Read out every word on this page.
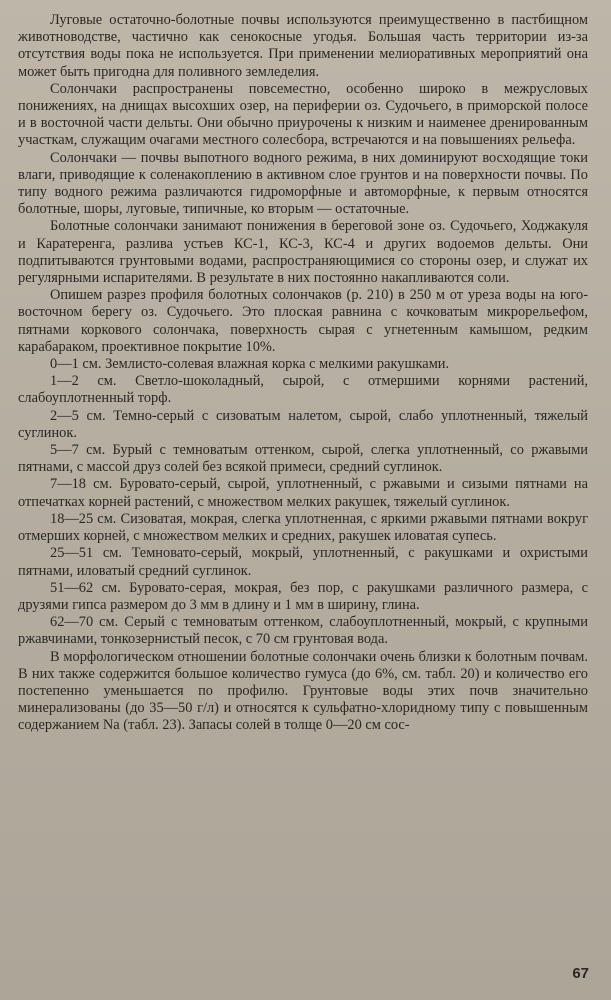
Луговые остаточно-болотные почвы используются преимущественно в пастбищном животноводстве, частично как сенокосные угодья. Большая часть территории из-за отсутствия воды пока не используется. При применении мелиоративных мероприятий она может быть пригодна для поливного земледелия.

Солончаки распространены повсеместно, особенно широко в межрусловых понижениях, на днищах высохших озер, на периферии оз. Судочьего, в приморской полосе и в восточной части дельты. Они обычно приурочены к низким и наименее дренированным участкам, служащим очагами местного солесбора, встречаются и на повышениях рельефа.

Солончаки — почвы выпотного водного режима, в них доминируют восходящие токи влаги, приводящие к соленакоплению в активном слое грунтов и на поверхности почвы. По типу водного режима различаются гидроморфные и автоморфные, к первым относятся болотные, шоры, луговые, типичные, ко вторым — остаточные.

Болотные солончаки занимают понижения в береговой зоне оз. Судочьего, Ходжакуля и Каратеренга, разлива устьев КС-1, КС-3, КС-4 и других водоемов дельты. Они подпитываются грунтовыми водами, распространяющимися со стороны озер, и служат их регулярными испарителями. В результате в них постоянно накапливаются соли.

Опишем разрез профиля болотных солончаков (р. 210) в 250 м от уреза воды на юго-восточном берегу оз. Судочьего. Это плоская равнина с кочковатым микрорельефом, пятнами коркового солончака, поверхность сырая с угнетенным камышом, редким карабараком, проективное покрытие 10%.

0—1 см. Землисто-солевая влажная корка с мелкими ракушками.

1—2 см. Светло-шоколадный, сырой, с отмершими корнями растений, слабоуплотненный торф.

2—5 см. Темно-серый с сизоватым налетом, сырой, слабо уплотненный, тяжелый суглинок.

5—7 см. Бурый с темноватым оттенком, сырой, слегка уплотненный, со ржавыми пятнами, с массой друз солей без всякой примеси, средний суглинок.

7—18 см. Буровато-серый, сырой, уплотненный, с ржавыми и сизыми пятнами на отпечатках корней растений, с множеством мелких ракушек, тяжелый суглинок.

18—25 см. Сизоватая, мокрая, слегка уплотненная, с яркими ржавыми пятнами вокруг отмерших корней, с множеством мелких и средних, ракушек иловатая супесь.

25—51 см. Темновато-серый, мокрый, уплотненный, с ракушками и охристыми пятнами, иловатый средний суглинок.

51—62 см. Буровато-серая, мокрая, без пор, с ракушками различного размера, с друзями гипса размером до 3 мм в длину и 1 мм в ширину, глина.

62—70 см. Серый с темноватым оттенком, слабоуплотненный, мокрый, с крупными ржавчинами, тонкозернистый песок, с 70 см грунтовая вода.

В морфологическом отношении болотные солончаки очень близки к болотным почвам. В них также содержится большое количество гумуса (до 6%, см. табл. 20) и количество его постепенно уменьшается по профилю. Грунтовые воды этих почв значительно минерализованы (до 35—50 г/л) и относятся к сульфатно-хлоридному типу с повышенным содержанием Na (табл. 23). Запасы солей в толще 0—20 см сос-

67
